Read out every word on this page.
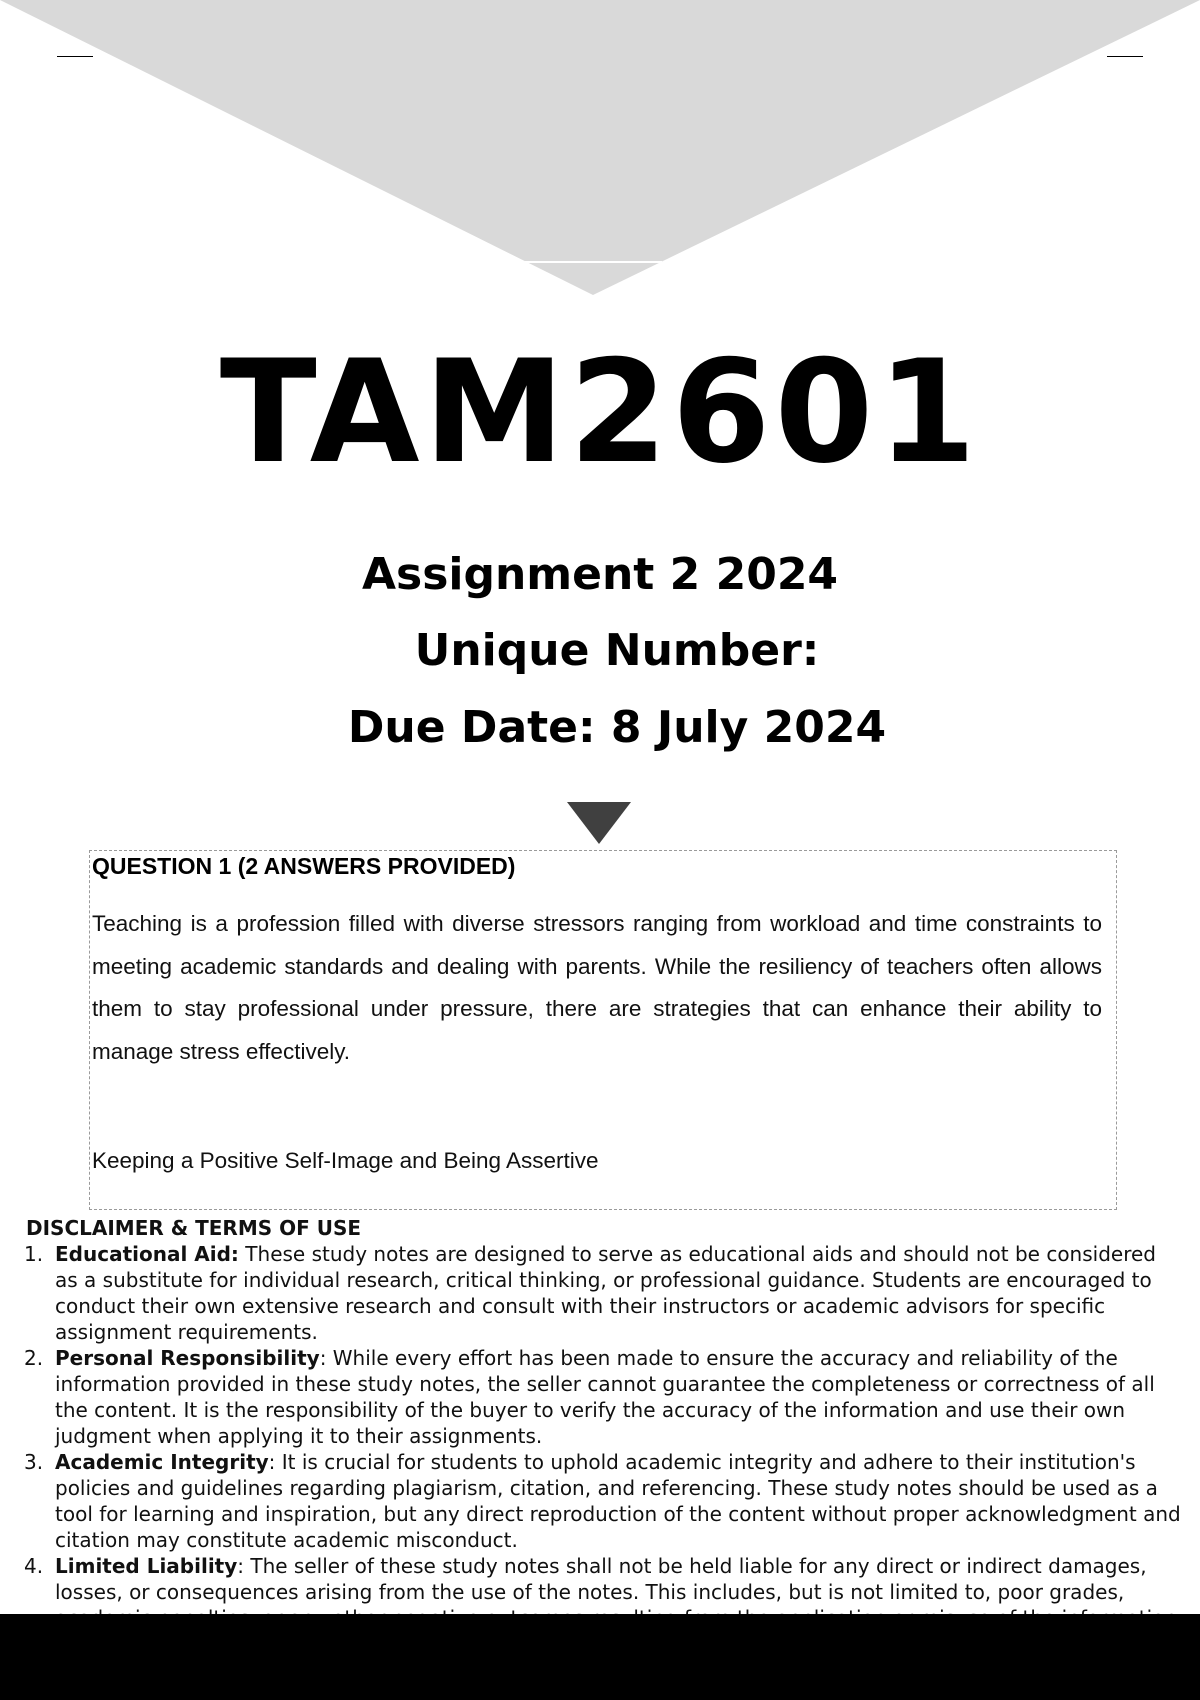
TAM2601
Assignment 2 2024
Unique Number:
Due Date: 8 July 2024
QUESTION 1 (2 ANSWERS PROVIDED)
Teaching is a profession filled with diverse stressors ranging from workload and time constraints to meeting academic standards and dealing with parents. While the resiliency of teachers often allows them to stay professional under pressure, there are strategies that can enhance their ability to manage stress effectively.
Keeping a Positive Self-Image and Being Assertive
DISCLAIMER & TERMS OF USE
1. Educational Aid: These study notes are designed to serve as educational aids and should not be considered as a substitute for individual research, critical thinking, or professional guidance. Students are encouraged to conduct their own extensive research and consult with their instructors or academic advisors for specific assignment requirements.
2. Personal Responsibility: While every effort has been made to ensure the accuracy and reliability of the information provided in these study notes, the seller cannot guarantee the completeness or correctness of all the content. It is the responsibility of the buyer to verify the accuracy of the information and use their own judgment when applying it to their assignments.
3. Academic Integrity: It is crucial for students to uphold academic integrity and adhere to their institution's policies and guidelines regarding plagiarism, citation, and referencing. These study notes should be used as a tool for learning and inspiration, but any direct reproduction of the content without proper acknowledgment and citation may constitute academic misconduct.
4. Limited Liability: The seller of these study notes shall not be held liable for any direct or indirect damages, losses, or consequences arising from the use of the notes. This includes, but is not limited to, poor grades,
